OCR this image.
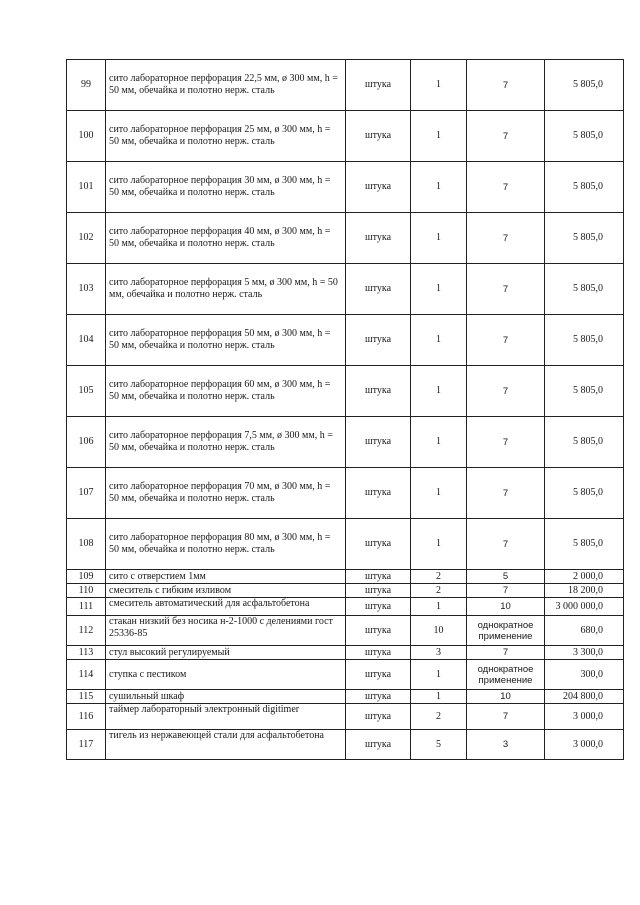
99	сито лабораторное перфорация 22,5 мм, ø 300 мм, h = 50 мм, обечайка и полотно нерж. сталь	штука	1	7	5 805,0
100	сито лабораторное перфорация 25 мм, ø 300 мм, h = 50 мм, обечайка и полотно нерж. сталь	штука	1	7	5 805,0
101	сито лабораторное перфорация 30 мм, ø 300 мм, h = 50 мм, обечайка и полотно нерж. сталь	штука	1	7	5 805,0
102	сито лабораторное перфорация 40 мм, ø 300 мм, h = 50 мм, обечайка и полотно нерж. сталь	штука	1	7	5 805,0
103	сито лабораторное перфорация 5 мм, ø 300 мм, h = 50 мм, обечайка и полотно нерж. сталь	штука	1	7	5 805,0
104	сито лабораторное перфорация 50 мм, ø 300 мм, h = 50 мм, обечайка и полотно нерж. сталь	штука	1	7	5 805,0
105	сито лабораторное перфорация 60 мм, ø 300 мм, h = 50 мм, обечайка и полотно нерж. сталь	штука	1	7	5 805,0
106	сито лабораторное перфорация 7,5 мм, ø 300 мм, h = 50 мм, обечайка и полотно нерж. сталь	штука	1	7	5 805,0
107	сито лабораторное перфорация 70 мм, ø 300 мм, h = 50 мм, обечайка и полотно нерж. сталь	штука	1	7	5 805,0
108	сито лабораторное перфорация 80 мм, ø 300 мм, h = 50 мм, обечайка и полотно нерж. сталь	штука	1	7	5 805,0
109	сито с отверстием 1мм	штука	2	5	2 000,0
110	смеситель с гибким изливом	штука	2	7	18 200,0
111	смеситель автоматический для асфальтобетона	штука	1	10	3 000 000,0
112	стакан низкий без носика н-2-1000 с делениями гост 25336-85	штука	10	однократное применение	680,0
113	стул высокий регулируемый	штука	3	7	3 300,0
114	ступка с пестиком	штука	1	однократное применение	300,0
115	сушильный шкаф	штука	1	10	204 800,0
116	таймер лабораторный электронный digitimer	штука	2	7	3 000,0
117	тигель из нержавеющей стали для асфальтобетона	штука	5	3	3 000,0
